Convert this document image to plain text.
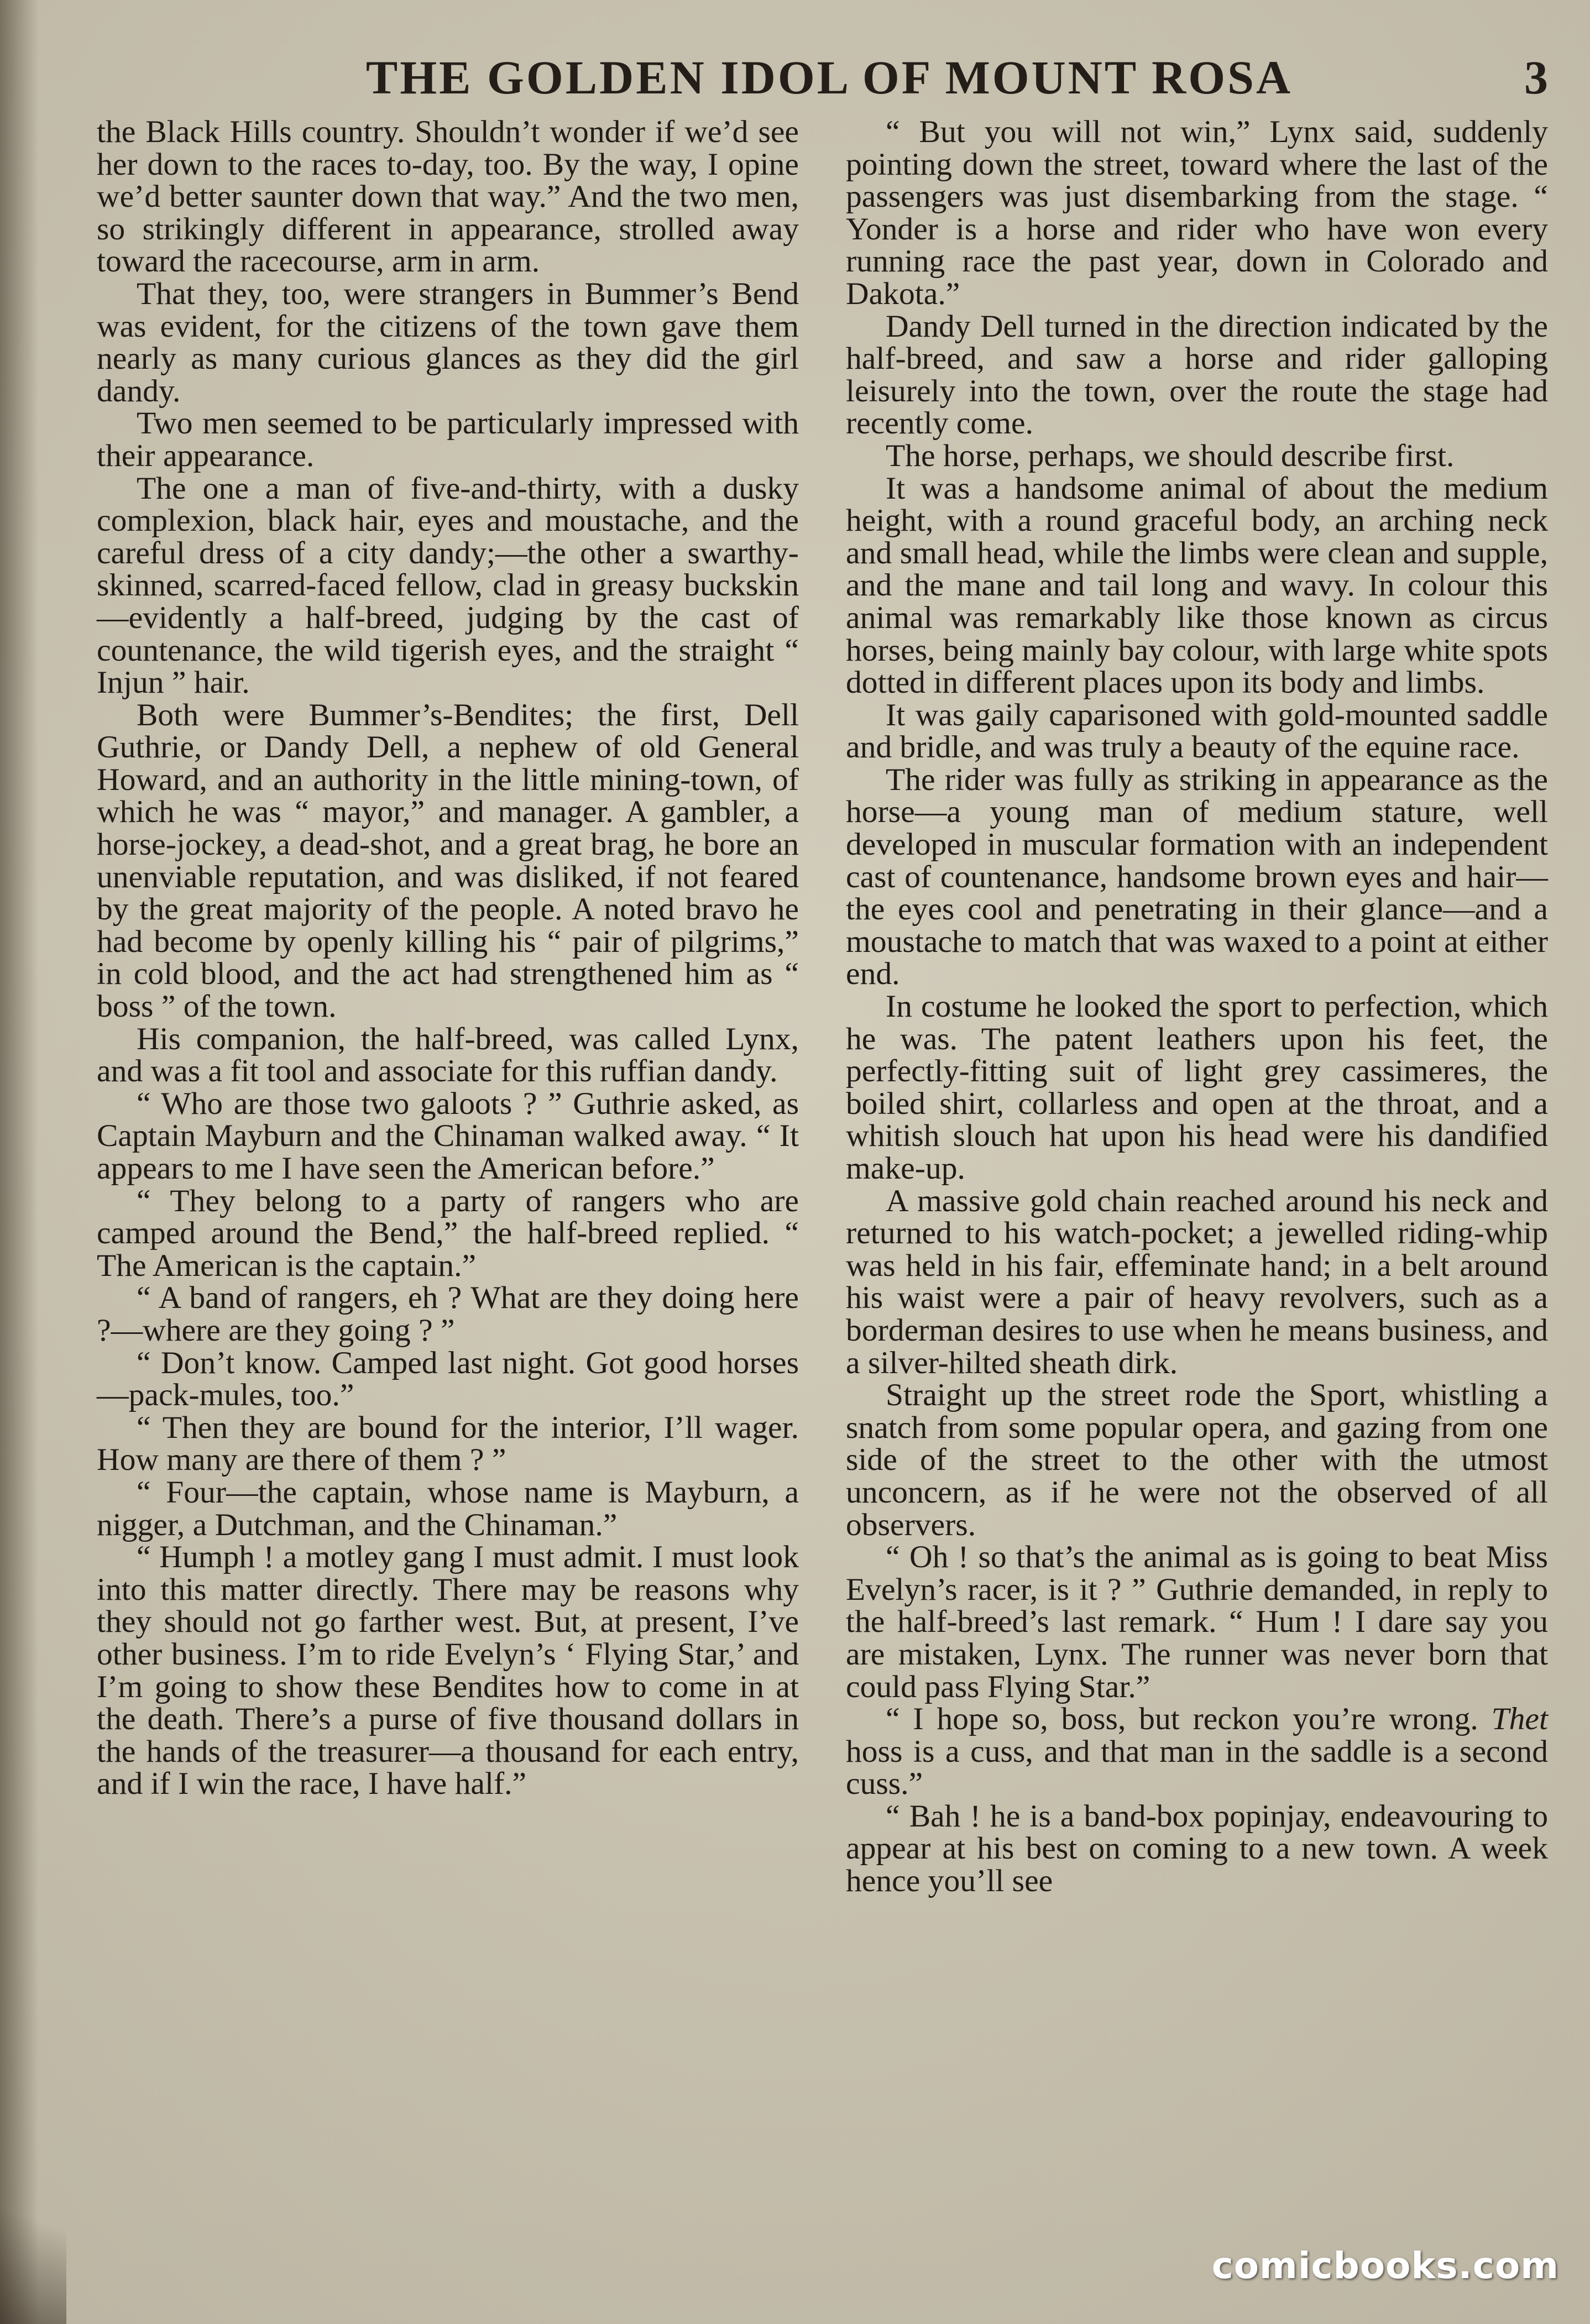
THE GOLDEN IDOL OF MOUNT ROSA	3

the Black Hills country. Shouldn’t wonder if we’d see her down to the races to-day, too. By the way, I opine we’d better saunter down that way.” And the two men, so strikingly different in appearance, strolled away toward the racecourse, arm in arm.

That they, too, were strangers in Bummer’s Bend was evident, for the citizens of the town gave them nearly as many curious glances as they did the girl dandy.

Two men seemed to be particularly impressed with their appearance.

The one a man of five-and-thirty, with a dusky complexion, black hair, eyes and moustache, and the careful dress of a city dandy;—the other a swarthy-skinned, scarred-faced fellow, clad in greasy buckskin—evidently a half-breed, judging by the cast of countenance, the wild tigerish eyes, and the straight “ Injun ” hair.

Both were Bummer’s-Bendites; the first, Dell Guthrie, or Dandy Dell, a nephew of old General Howard, and an authority in the little mining-town, of which he was “ mayor,” and manager. A gambler, a horse-jockey, a dead-shot, and a great brag, he bore an unenviable reputation, and was disliked, if not feared by the great majority of the people. A noted bravo he had become by openly killing his “ pair of pilgrims,” in cold blood, and the act had strengthened him as “ boss ” of the town.

His companion, the half-breed, was called Lynx, and was a fit tool and associate for this ruffian dandy.

“ Who are those two galoots ? ” Guthrie asked, as Captain Mayburn and the Chinaman walked away. “ It appears to me I have seen the American before.”

“ They belong to a party of rangers who are camped around the Bend,” the half-breed replied. “ The American is the captain.”

“ A band of rangers, eh ? What are they doing here ?—where are they going ? ”

“ Don’t know. Camped last night. Got good horses—pack-mules, too.”

“ Then they are bound for the interior, I’ll wager. How many are there of them ? ”

“ Four—the captain, whose name is Mayburn, a nigger, a Dutchman, and the Chinaman.”

“ Humph ! a motley gang I must admit. I must look into this matter directly. There may be reasons why they should not go farther west. But, at present, I’ve other business. I’m to ride Evelyn’s ‘ Flying Star,’ and I’m going to show these Bendites how to come in at the death. There’s a purse of five thousand dollars in the hands of the treasurer—a thousand for each entry, and if I win the race, I have half.”

“ But you will not win,” Lynx said, suddenly pointing down the street, toward where the last of the passengers was just disembarking from the stage. “ Yonder is a horse and rider who have won every running race the past year, down in Colorado and Dakota.”

Dandy Dell turned in the direction indicated by the half-breed, and saw a horse and rider galloping leisurely into the town, over the route the stage had recently come.

The horse, perhaps, we should describe first.

It was a handsome animal of about the medium height, with a round graceful body, an arching neck and small head, while the limbs were clean and supple, and the mane and tail long and wavy. In colour this animal was remarkably like those known as circus horses, being mainly bay colour, with large white spots dotted in different places upon its body and limbs.

It was gaily caparisoned with gold-mounted saddle and bridle, and was truly a beauty of the equine race.

The rider was fully as striking in appearance as the horse—a young man of medium stature, well developed in muscular formation with an independent cast of countenance, handsome brown eyes and hair—the eyes cool and penetrating in their glance—and a moustache to match that was waxed to a point at either end.

In costume he looked the sport to perfection, which he was. The patent leathers upon his feet, the perfectly-fitting suit of light grey cassimeres, the boiled shirt, collarless and open at the throat, and a whitish slouch hat upon his head were his dandified make-up.

A massive gold chain reached around his neck and returned to his watch-pocket; a jewelled riding-whip was held in his fair, effeminate hand; in a belt around his waist were a pair of heavy revolvers, such as a borderman desires to use when he means business, and a silver-hilted sheath dirk.

Straight up the street rode the Sport, whistling a snatch from some popular opera, and gazing from one side of the street to the other with the utmost unconcern, as if he were not the observed of all observers.

“ Oh ! so that’s the animal as is going to beat Miss Evelyn’s racer, is it ? ” Guthrie demanded, in reply to the half-breed’s last remark. “ Hum ! I dare say you are mistaken, Lynx. The runner was never born that could pass Flying Star.”

“ I hope so, boss, but reckon you’re wrong. Thet hoss is a cuss, and that man in the saddle is a second cuss.”

“ Bah ! he is a band-box popinjay, endeavouring to appear at his best on coming to a new town. A week hence you’ll see

comicbooks.com
